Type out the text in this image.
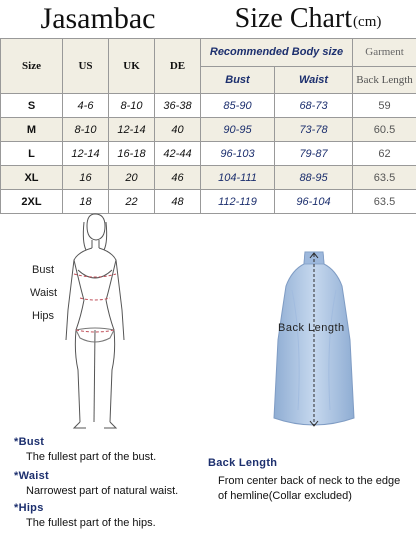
Jasambac	Size Chart (cm)
Size	US	UK	DE	Recommended Body size		Garment
				Bust	Waist	Back Length
S	4-6	8-10	36-38	85-90	68-73	59
M	8-10	12-14	40	90-95	73-78	60.5
L	12-14	16-18	42-44	96-103	79-87	62
XL	16	20	46	104-111	88-95	63.5
2XL	18	22	48	112-119	96-104	63.5
Bust
Waist
Hips
Back Length
*Bust
The fullest part of the bust.
*Waist
Narrowest part of natural waist.
*Hips
The fullest part of the hips.
Back Length
From center back of neck to the edge
of hemline(Collar excluded)
